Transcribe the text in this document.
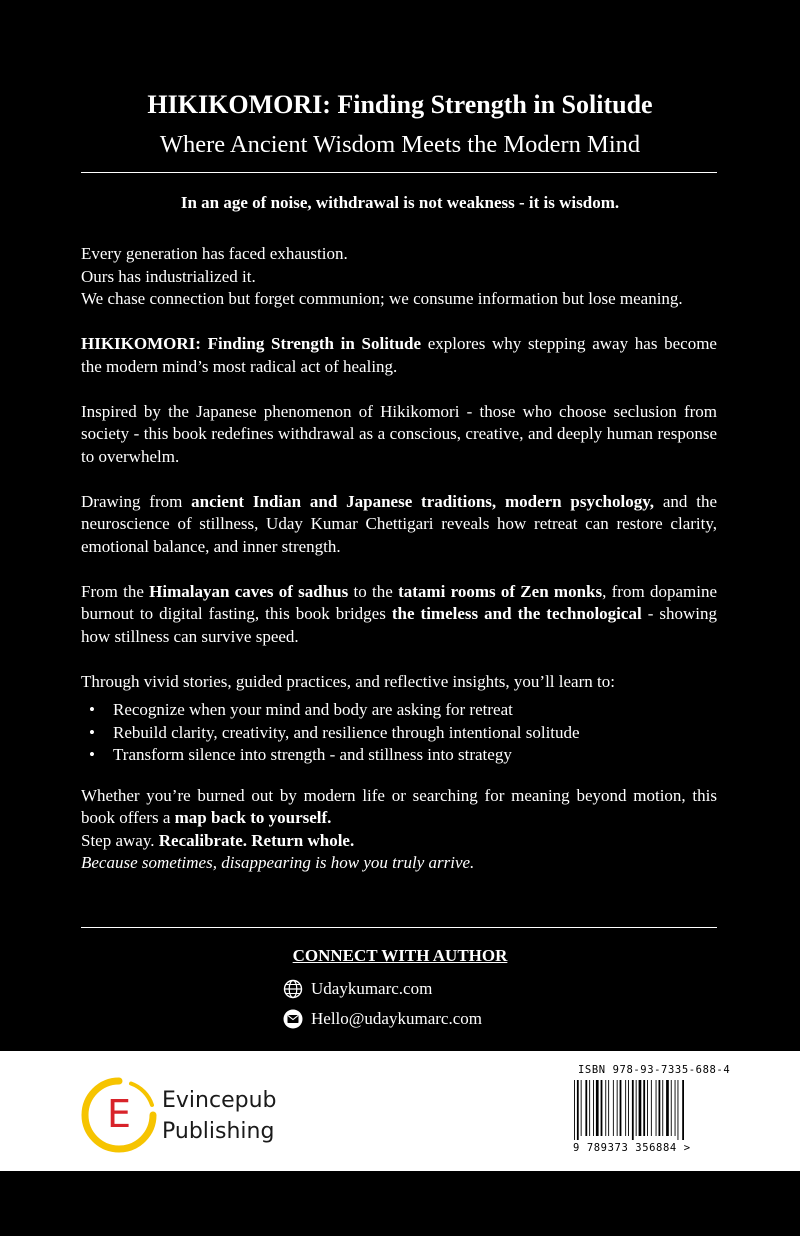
HIKIKOMORI: Finding Strength in Solitude
Where Ancient Wisdom Meets the Modern Mind
In an age of noise, withdrawal is not weakness - it is wisdom.

Every generation has faced exhaustion.
Ours has industrialized it.
We chase connection but forget communion; we consume information but lose meaning.

HIKIKOMORI: Finding Strength in Solitude explores why stepping away has become the modern mind’s most radical act of healing.

Inspired by the Japanese phenomenon of Hikikomori - those who choose seclusion from society - this book redefines withdrawal as a conscious, creative, and deeply human response to overwhelm.

Drawing from ancient Indian and Japanese traditions, modern psychology, and the neuroscience of stillness, Uday Kumar Chettigari reveals how retreat can restore clarity, emotional balance, and inner strength.

From the Himalayan caves of sadhus to the tatami rooms of Zen monks, from dopamine burnout to digital fasting, this book bridges the timeless and the technological - showing how stillness can survive speed.

Through vivid stories, guided practices, and reflective insights, you’ll learn to:

• Recognize when your mind and body are asking for retreat
• Rebuild clarity, creativity, and resilience through intentional solitude
• Transform silence into strength - and stillness into strategy

Whether you’re burned out by modern life or searching for meaning beyond motion, this book offers a map back to yourself.
Step away. Recalibrate. Return whole.
Because sometimes, disappearing is how you truly arrive.

CONNECT WITH AUTHOR
Udaykumarc.com
Hello@udaykumarc.com
E Evincepub
Publishing
ISBN 978-93-7335-688-4
9 789373 356884 >
